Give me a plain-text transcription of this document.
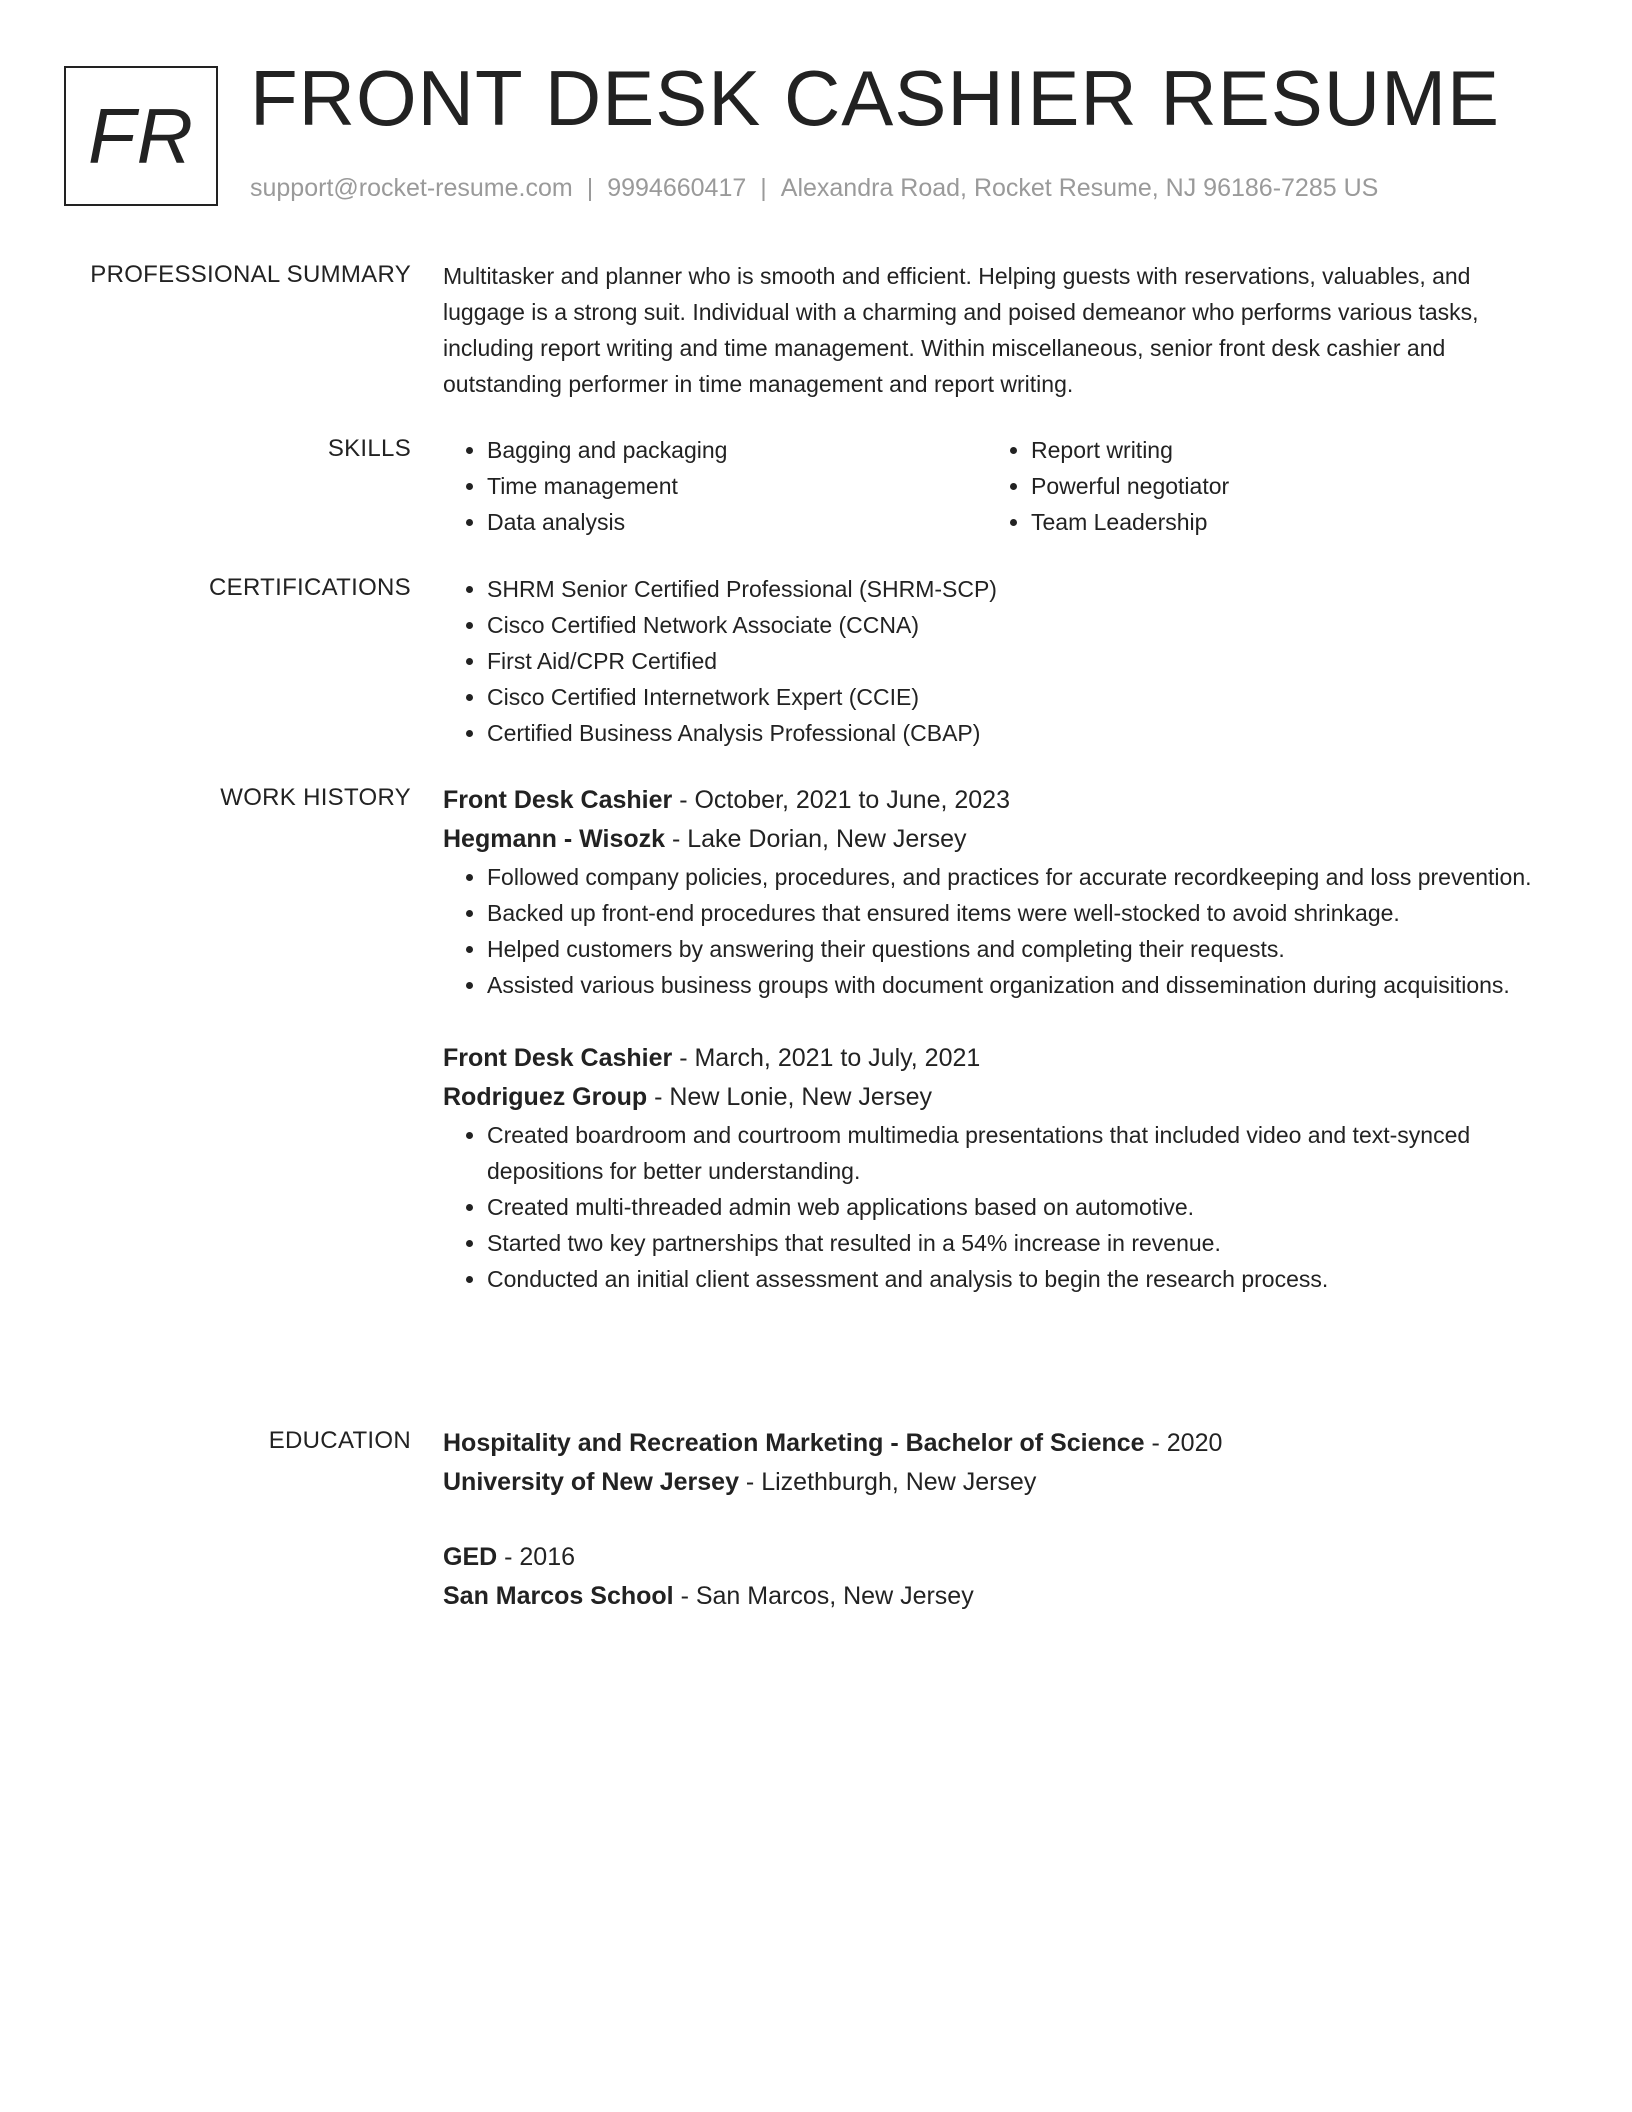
FR FRONT DESK CASHIER RESUME
support@rocket-resume.com | 9994660417 | Alexandra Road, Rocket Resume, NJ 96186-7285 US
PROFESSIONAL SUMMARY Multitasker and planner who is smooth and efficient. Helping guests with reservations, valuables, and luggage is a strong suit. Individual with a charming and poised demeanor who performs various tasks, including report writing and time management. Within miscellaneous, senior front desk cashier and outstanding performer in time management and report writing.

SKILLS	• Bagging and packaging
• Time management
• Data analysis
• Report writing
• Powerful negotiator
• Team Leadership
CERTIFICATIONS	• SHRM Senior Certified Professional (SHRM-SCP)
• Cisco Certified Network Associate (CCNA)
• First Aid/CPR Certified
• Cisco Certified Internetwork Expert (CCIE)
• Certified Business Analysis Professional (CBAP)
WORK HISTORY Front Desk Cashier - October, 2021 to June, 2023
Hegmann - Wisozk - Lake Dorian, New Jersey
• Followed company policies, procedures, and practices for accurate recordkeeping and loss prevention.
• Backed up front-end procedures that ensured items were well-stocked to avoid shrinkage.
• Helped customers by answering their questions and completing their requests.
• Assisted various business groups with document organization and dissemination during acquisitions.
Front Desk Cashier - March, 2021 to July, 2021
Rodriguez Group - New Lonie, New Jersey
• Created boardroom and courtroom multimedia presentations that included video and text-synced depositions for better understanding.
• Created multi-threaded admin web applications based on automotive.
• Started two key partnerships that resulted in a 54% increase in revenue.
• Conducted an initial client assessment and analysis to begin the research process.
EDUCATION Hospitality and Recreation Marketing - Bachelor of Science - 2020
University of New Jersey - Lizethburgh, New Jersey
GED - 2016
San Marcos School - San Marcos, New Jersey
